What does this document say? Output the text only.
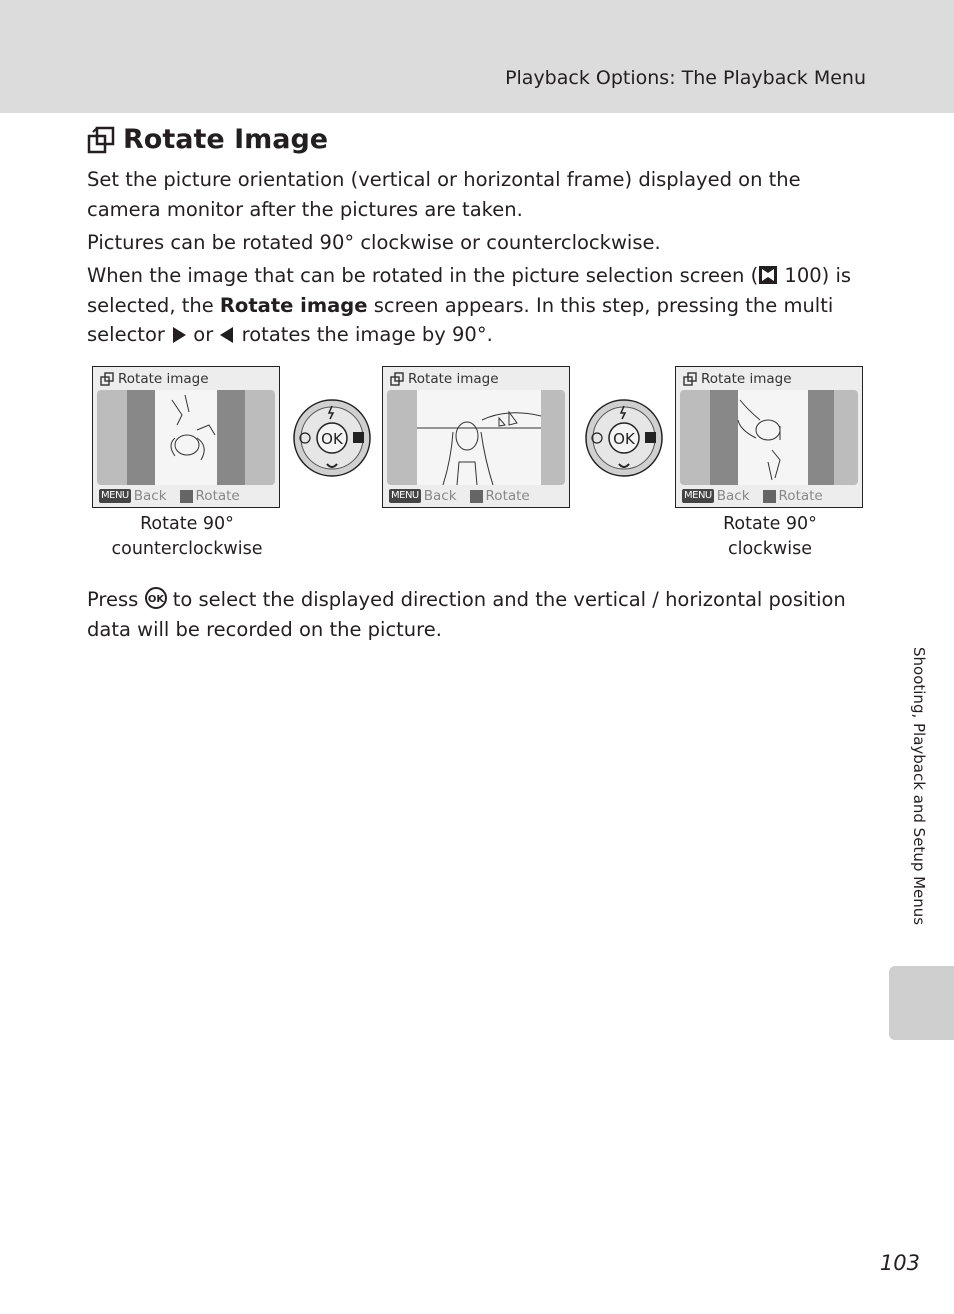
Playback Options: The Playback Menu
Rotate Image

Set the picture orientation (vertical or horizontal frame) displayed on the camera monitor after the pictures are taken.

Pictures can be rotated 90° clockwise or counterclockwise.

When the image that can be rotated in the picture selection screen ( 100) is selected, the Rotate image screen appears. In this step, pressing the multi selector or rotates the image by 90°.

Rotate image
MENU Back Rotate
OK
Rotate image
MENU Back Rotate
OK
Rotate image
MENU Back Rotate
Rotate 90°
counterclockwise
Rotate 90°
clockwise

Press OK to select the displayed direction and the vertical / horizontal position data will be recorded on the picture.

Shooting, Playback and Setup Menus
103
